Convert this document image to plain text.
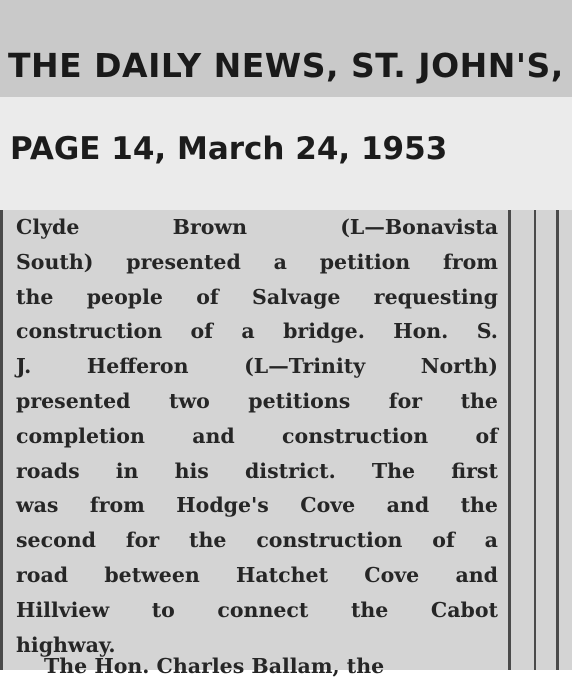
THE DAILY NEWS, ST. JOHN'S,
PAGE 14, March 24, 1953
Clyde	Brown	(L—Bonavista
South) presented a petition from
the people of Salvage requesting
construction of a bridge. Hon. S.
J.	Hefferon	(L—Trinity	North)
presented two petitions for the
completion and construction of
roads in his district. The first
was from Hodge's Cove and the
second for the construction of a
road between Hatchet Cove and
Hillview to connect the Cabot
highway.
The Hon. Charles Ballam, the
